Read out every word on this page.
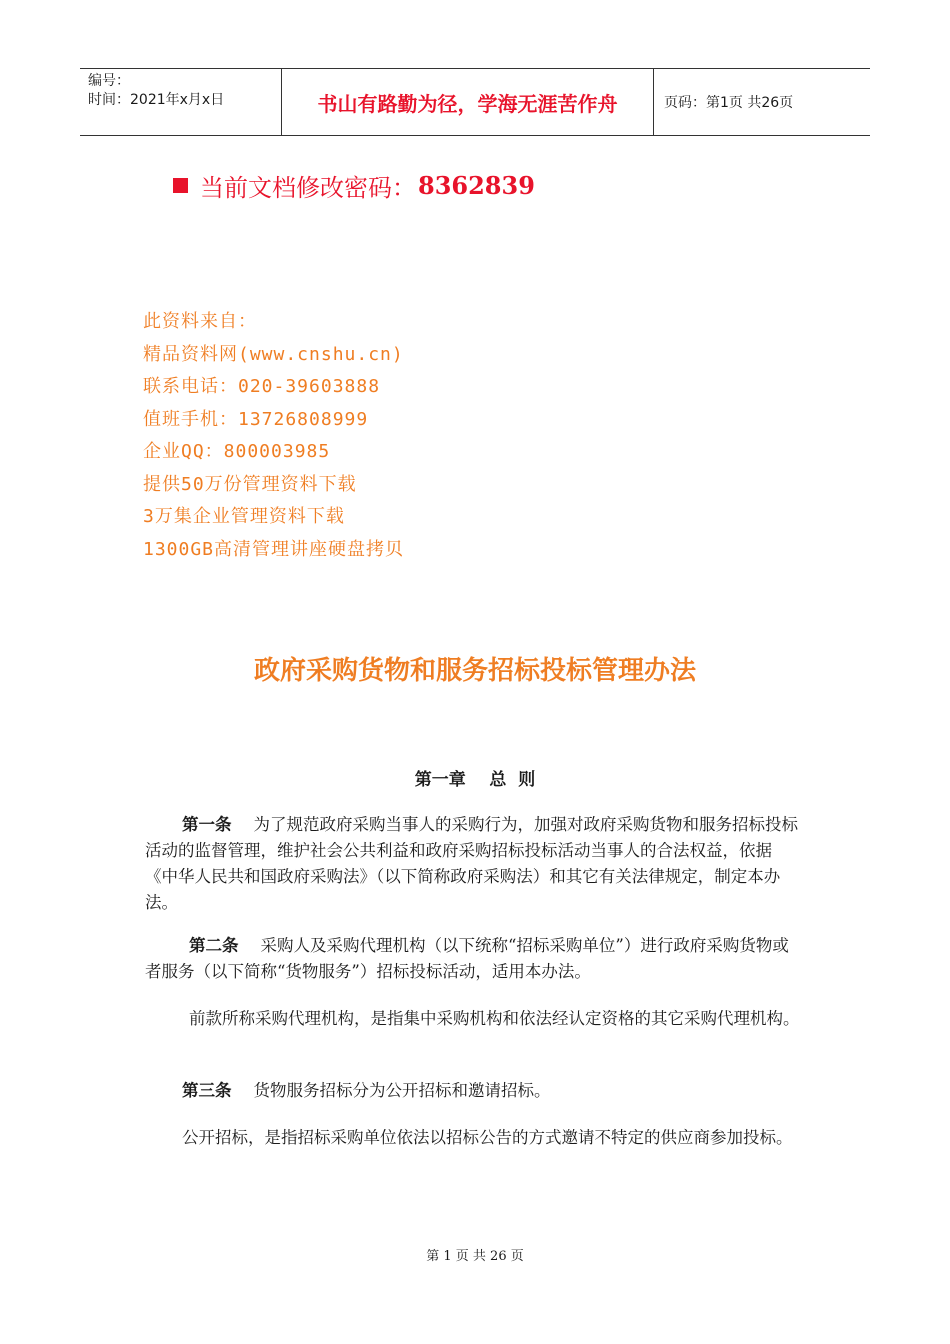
编号：
时间：2021年x月x日	书山有路勤为径，学海无涯苦作舟	页码：第1页 共26页
当前文档修改密码： 8362839
此资料来自：
精品资料网(www.cnshu.cn)
联系电话：020-39603888
值班手机：13726808999
企业QQ：800003985
提供50万份管理资料下载
3万集企业管理资料下载
1300GB高清管理讲座硬盘拷贝
政府采购货物和服务招标投标管理办法
第一章    总  则

第一条 为了规范政府采购当事人的采购行为，加强对政府采购货物和服务招标投标活动的监督管理，维护社会公共利益和政府采购招标投标活动当事人的合法权益，依据《中华人民共和国政府采购法》（以下简称政府采购法）和其它有关法律规定，制定本办法。

第二条 采购人及采购代理机构（以下统称“招标采购单位”）进行政府采购货物或者服务（以下简称“货物服务”）招标投标活动，适用本办法。

前款所称采购代理机构，是指集中采购机构和依法经认定资格的其它采购代理机构。

第三条 货物服务招标分为公开招标和邀请招标。

公开招标，是指招标采购单位依法以招标公告的方式邀请不特定的供应商参加投标。

第 1 页 共 26 页
